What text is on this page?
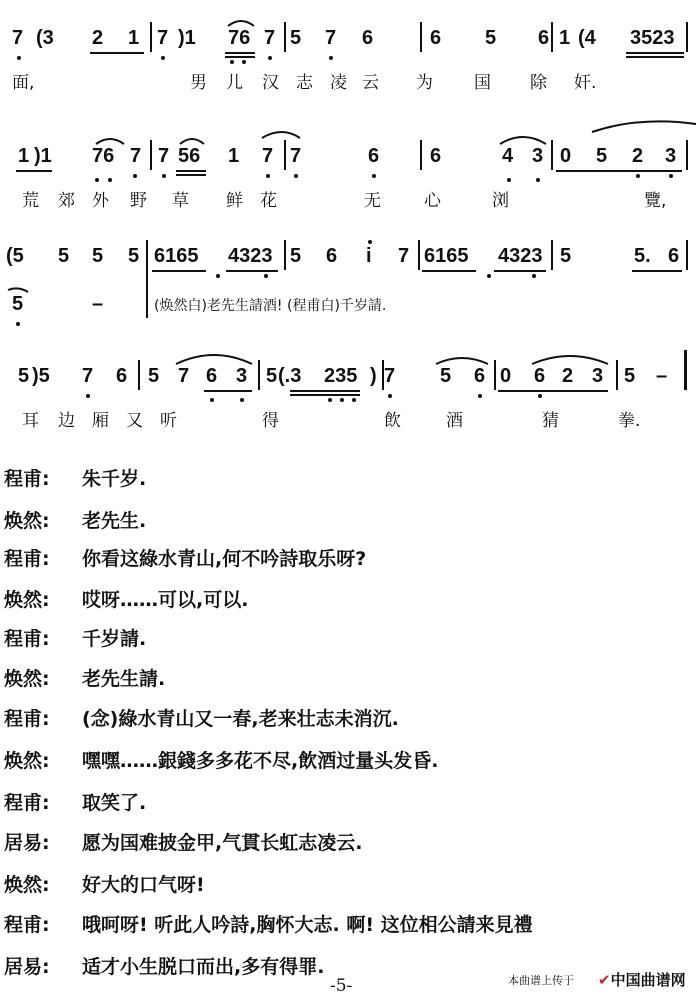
7 (3 2 1 7 )1 76 7 5 7 6	6 5 6 1 (4 3523
面,	男 儿 汉 志 凌 云 为 国 除 奸.
1 )1 76 7 7 56 1 7 7	6	6	4 3 0 5 2 3
荒 郊 外 野 草 鲜 花	无	心	浏	覽,
(5 5 5 5 6165 4323 5 6 i 7 6165 4323 5	5. 6
5	–	(焕然白)老先生請酒! (程甫白)千岁請.
5 )5 7 6 5 7 6 3 5 (.3 235 ) 7 5 6 0 6 2 3 5 –
耳 边 厢 又 听	得	飲	酒	猜	拳.
程甫: 朱千岁.
焕然: 老先生.
程甫: 你看这綠水青山,何不吟詩取乐呀?
焕然: 哎呀……可以,可以.
程甫: 千岁請.
焕然: 老先生請.
程甫: (念)綠水青山又一春,老来壮志未消沉.
焕然: 嘿嘿……銀錢多多花不尽,飲酒过量头发昏.
程甫: 取笑了.
居易: 愿为国难披金甲,气貫长虹志凌云.
焕然: 好大的口气呀!
程甫: 哦呵呀! 听此人吟詩,胸怀大志. 啊! 这位相公請来見禮
居易: 适才小生脱口而出,多有得罪.
-5-	本曲谱上传于 ✔中国曲谱网
